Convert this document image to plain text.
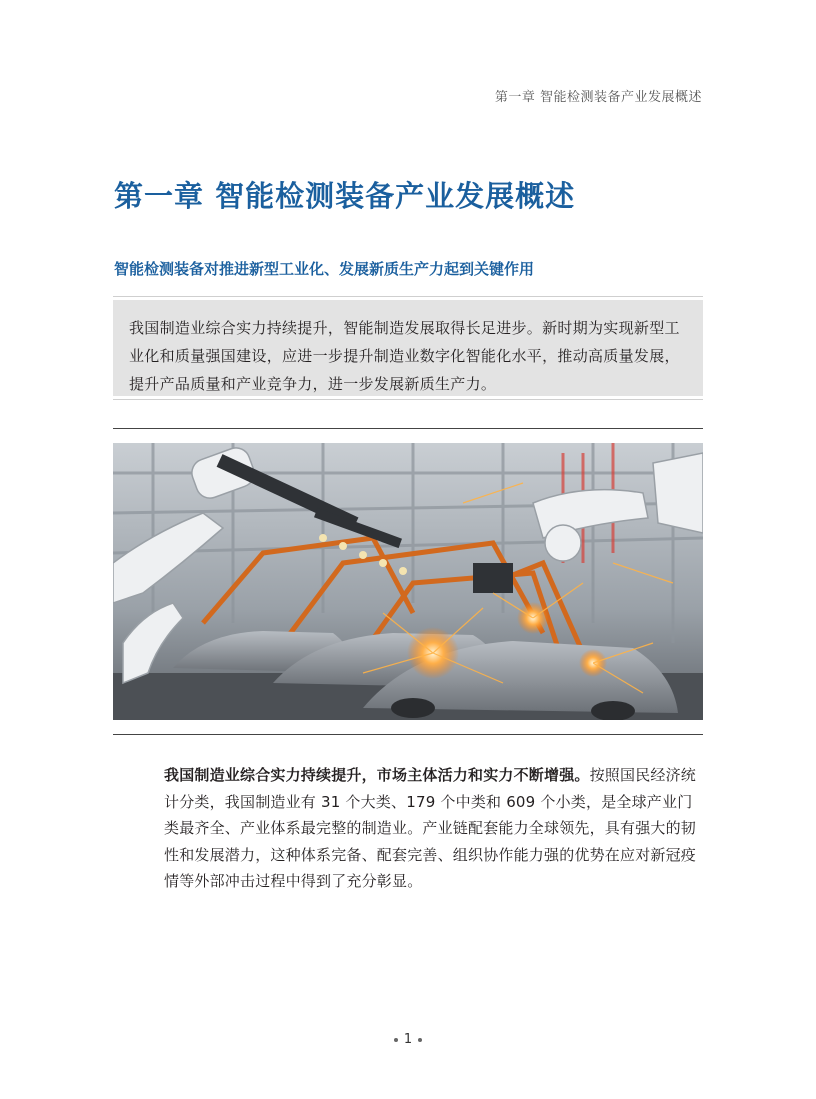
第一章 智能检测装备产业发展概述
第一章 智能检测装备产业发展概述
智能检测装备对推进新型工业化、发展新质生产力起到关键作用

我国制造业综合实力持续提升，智能制造发展取得长足进步。新时期为实现新型工业化和质量强国建设，应进一步提升制造业数字化智能化水平，推动高质量发展，提升产品质量和产业竞争力，进一步发展新质生产力。

我国制造业综合实力持续提升，市场主体活力和实力不断增强。按照国民经济统计分类，我国制造业有 31 个大类、179 个中类和 609 个小类，是全球产业门类最齐全、产业体系最完整的制造业。产业链配套能力全球领先，具有强大的韧性和发展潜力，这种体系完备、配套完善、组织协作能力强的优势在应对新冠疫情等外部冲击过程中得到了充分彰显。

1
